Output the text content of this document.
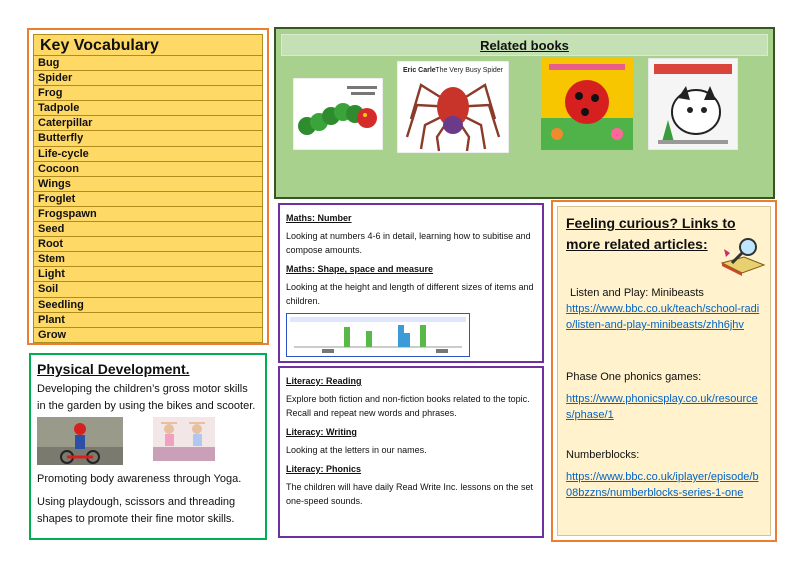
Key Vocabulary
Bug
Spider
Frog
Tadpole
Caterpillar
Butterfly
Life-cycle
Cocoon
Wings
Froglet
Frogspawn
Seed
Root
Stem
Light
Soil
Seedling
Plant
Grow
Related books
Eric Carle The Very Busy Spider
Maths: Number
Looking at numbers 4-6 in detail, learning how to subitise and compose amounts.
Maths: Shape, space and measure
Looking at the height and length of different sizes of items and children.
Literacy: Reading
Explore both fiction and non-fiction books related to the topic. Recall and repeat new words and phrases.
Literacy: Writing
Looking at the letters in our names.
Literacy: Phonics
The children will have daily Read Write Inc. lessons on the set one-speed sounds.
Feeling curious? Links to more related articles:
Listen and Play: Minibeasts
https://www.bbc.co.uk/teach/school-radio/listen-and-play-minibeasts/zhh6jhv
Phase One phonics games:
https://www.phonicsplay.co.uk/resources/phase/1
Numberblocks:
https://www.bbc.co.uk/iplayer/episode/b08bzzns/numberblocks-series-1-one
Physical Development.
Developing the children’s gross motor skills in the garden by using the bikes and scooter.
Promoting body awareness through Yoga.
Using playdough, scissors and threading shapes to promote their fine motor skills.
